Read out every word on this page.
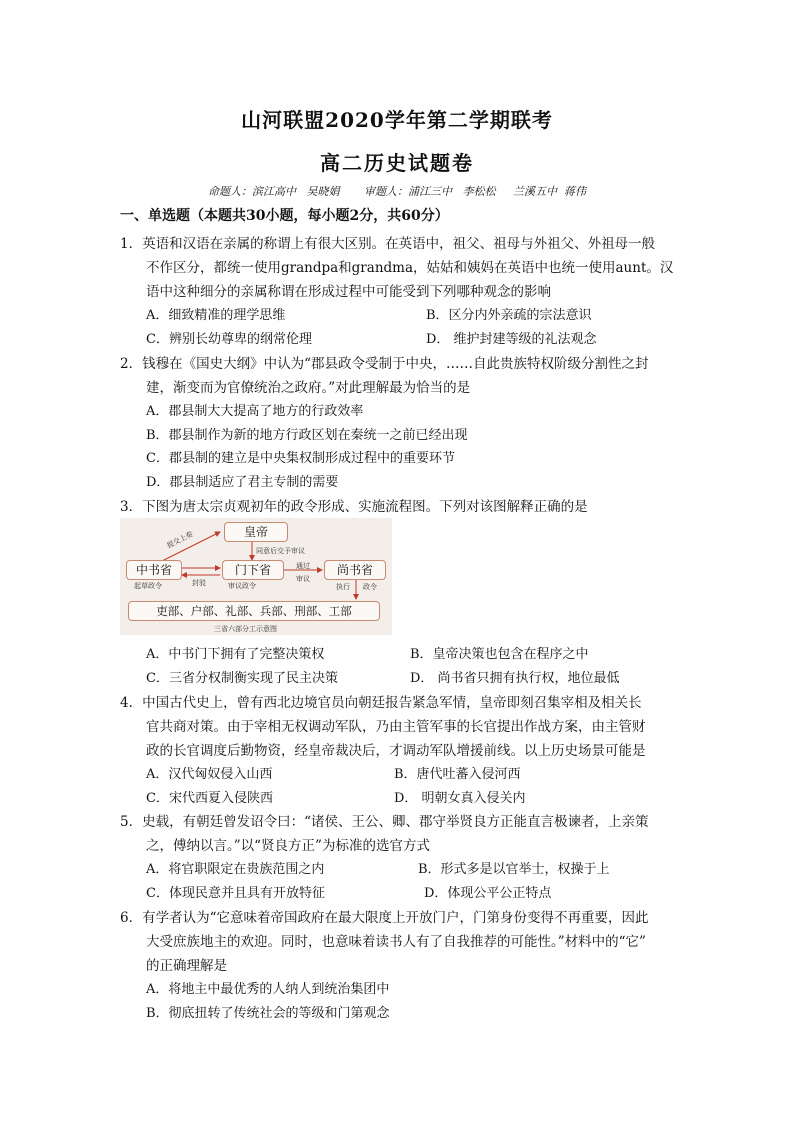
山河联盟2020学年第二学期联考
高二历史试题卷
命题人：滨江高中   吴晓娟       审题人：浦江三中   李松松     兰溪五中  蒋伟
一、单选题（本题共30小题，每小题2分，共60分）
1．英语和汉语在亲属的称谓上有很大区别。在英语中，祖父、祖母与外祖父、外祖母一般
不作区分，都统一使用grandpa和grandma，姑姑和姨妈在英语中也统一使用aunt。汉
语中这种细分的亲属称谓在形成过程中可能受到下列哪种观念的影响
A．细致精准的理学思维	B．区分内外亲疏的宗法意识
C．辨别长幼尊卑的纲常伦理	D． 维护封建等级的礼法观念
2．钱穆在《国史大纲》中认为“郡县政令受制于中央，……自此贵族特权阶级分割性之封
建，渐变而为官僚统治之政府。”对此理解最为恰当的是
A．郡县制大大提高了地方的行政效率
B．郡县制作为新的地方行政区划在秦统一之前已经出现
C．郡县制的建立是中央集权制形成过程中的重要环节
D．郡县制适应了君主专制的需要
3．下图为唐太宗贞观初年的政令形成、实施流程图。下列对该图解释正确的是
皇帝
中书省	门下省	尚书省
吏部、户部、礼部、兵部、刑部、工部
提交上奏
同意后交予审议
起草政令	封驳	审议政令
通过
审议
执行 政令
三省六部分工示意图
A．中书门下拥有了完整决策权	B．皇帝决策也包含在程序之中
C．三省分权制衡实现了民主决策	D． 尚书省只拥有执行权，地位最低
4．中国古代史上，曾有西北边境官员向朝廷报告紧急军情，皇帝即刻召集宰相及相关长
官共商对策。由于宰相无权调动军队，乃由主管军事的长官提出作战方案，由主管财
政的长官调度后勤物资，经皇帝裁决后，才调动军队增援前线。以上历史场景可能是
A．汉代匈奴侵入山西	B．唐代吐蕃入侵河西
C．宋代西夏入侵陕西	D． 明朝女真入侵关内
5．史载，有朝廷曾发诏令曰：“诸侯、王公、卿、郡守举贤良方正能直言极谏者，上亲策
之，傅纳以言。”以“贤良方正”为标准的选官方式
A．将官职限定在贵族范围之内	B．形式多是以官举士，权操于上
C．体现民意并且具有开放特征	D．体现公平公正特点
6．有学者认为“它意味着帝国政府在最大限度上开放门户，门第身份变得不再重要，因此
大受庶族地主的欢迎。同时，也意味着读书人有了自我推荐的可能性。”材料中的“它”
的正确理解是
A．将地主中最优秀的人纳人到统治集团中
B．彻底扭转了传统社会的等级和门第观念
